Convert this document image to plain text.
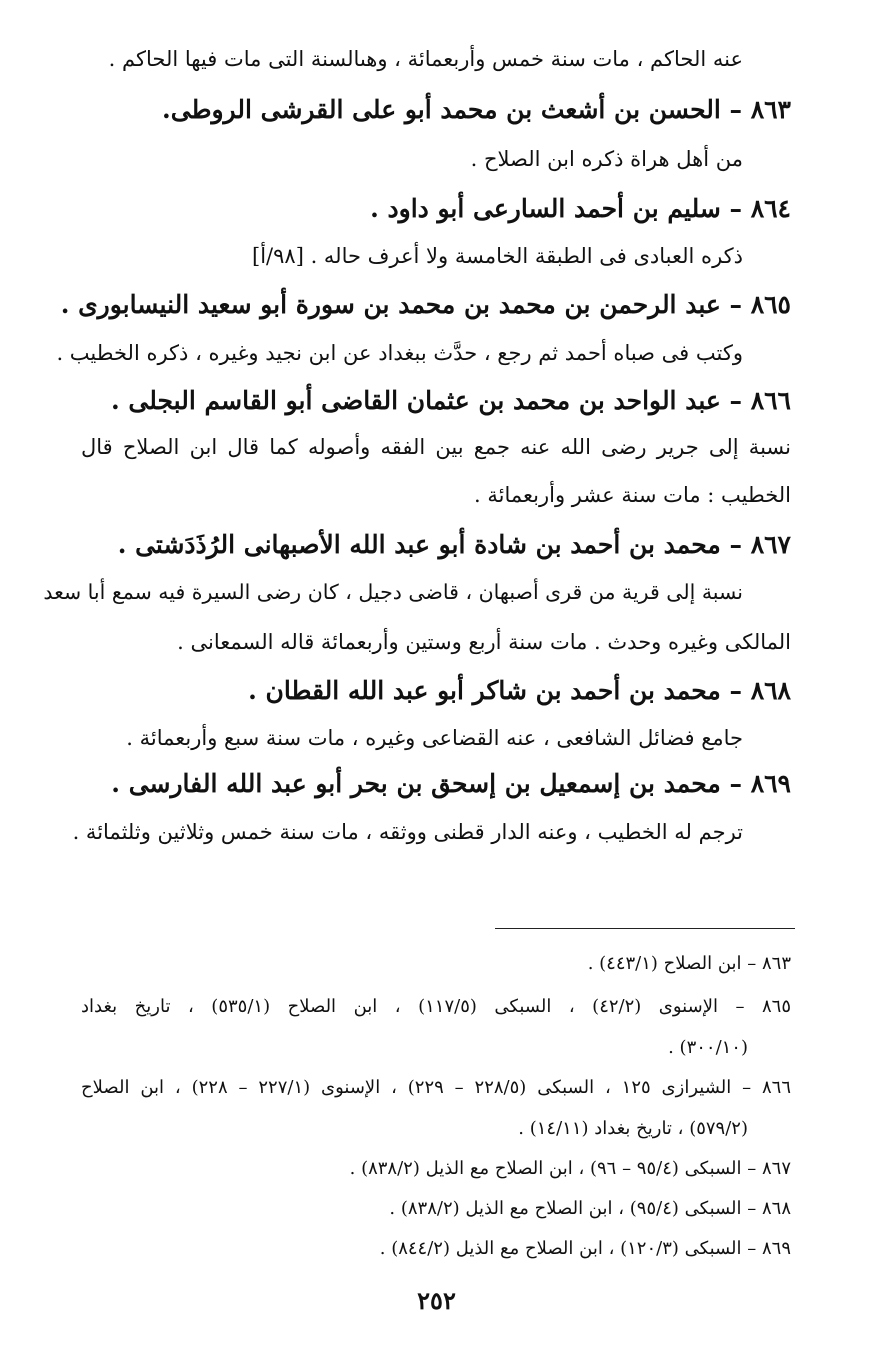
عنه الحاكم ، مات سنة خمس وأربعمائة ، وهىالسنة التى مات فيها الحاكم .
٨٦٣ – الحسن بن أشعث بن محمد أبو على القرشى الروطى.
من أهل هراة ذكره ابن الصلاح .
٨٦٤ – سليم بن أحمد السارعى أبو داود .
ذكره العبادى فى الطبقة الخامسة ولا أعرف حاله . [٩٨/أ]
٨٦٥ – عبد الرحمن بن محمد بن محمد بن سورة أبو سعيد النيسابورى .
وكتب فى صباه أحمد ثم رجع ، حدَّث ببغداد عن ابن نجيد وغيره ، ذكره الخطيب .
٨٦٦ – عبد الواحد بن محمد بن عثمان القاضى أبو القاسم البجلى .
نسبة إلى جرير رضى الله عنه جمع بين الفقه وأصوله كما قال ابن الصلاح قال
الخطيب : مات سنة عشر وأربعمائة .
٨٦٧ – محمد بن أحمد بن شادة أبو عبد الله الأصبهانى الرُذَدَشتى .
نسبة إلى قرية من قرى أصبهان ، قاضى دجيل ، كان رضى السيرة فيه سمع أبا سعد
المالكى وغيره وحدث . مات سنة أربع وستين وأربعمائة قاله السمعانى .
٨٦٨ – محمد بن أحمد بن شاكر أبو عبد الله القطان .
جامع فضائل الشافعى ، عنه القضاعى وغيره ، مات سنة سبع وأربعمائة .
٨٦٩ – محمد بن إسمعيل بن إسحق بن بحر أبو عبد الله الفارسى .
ترجم له الخطيب ، وعنه الدار قطنى ووثقه ، مات سنة خمس وثلاثين وثلثمائة .
٨٦٣ – ابن الصلاح (٤٤٣/١) .
٨٦٥ – الإسنوى (٤٢/٢) ، السبكى (١١٧/٥) ، ابن الصلاح (٥٣٥/١) ، تاريخ بغداد
(٣٠٠/١٠) .
٨٦٦ – الشيرازى ١٢٥ ، السبكى (٢٢٨/٥ – ٢٢٩) ، الإسنوى (٢٢٧/١ – ٢٢٨) ، ابن الصلاح
(٥٧٩/٢) ، تاريخ بغداد (١٤/١١) .
٨٦٧ – السبكى (٩٥/٤ – ٩٦) ، ابن الصلاح مع الذيل (٨٣٨/٢) .
٨٦٨ – السبكى (٩٥/٤) ، ابن الصلاح مع الذيل (٨٣٨/٢) .
٨٦٩ – السبكى (١٢٠/٣) ، ابن الصلاح مع الذيل (٨٤٤/٢) .
٢٥٢
